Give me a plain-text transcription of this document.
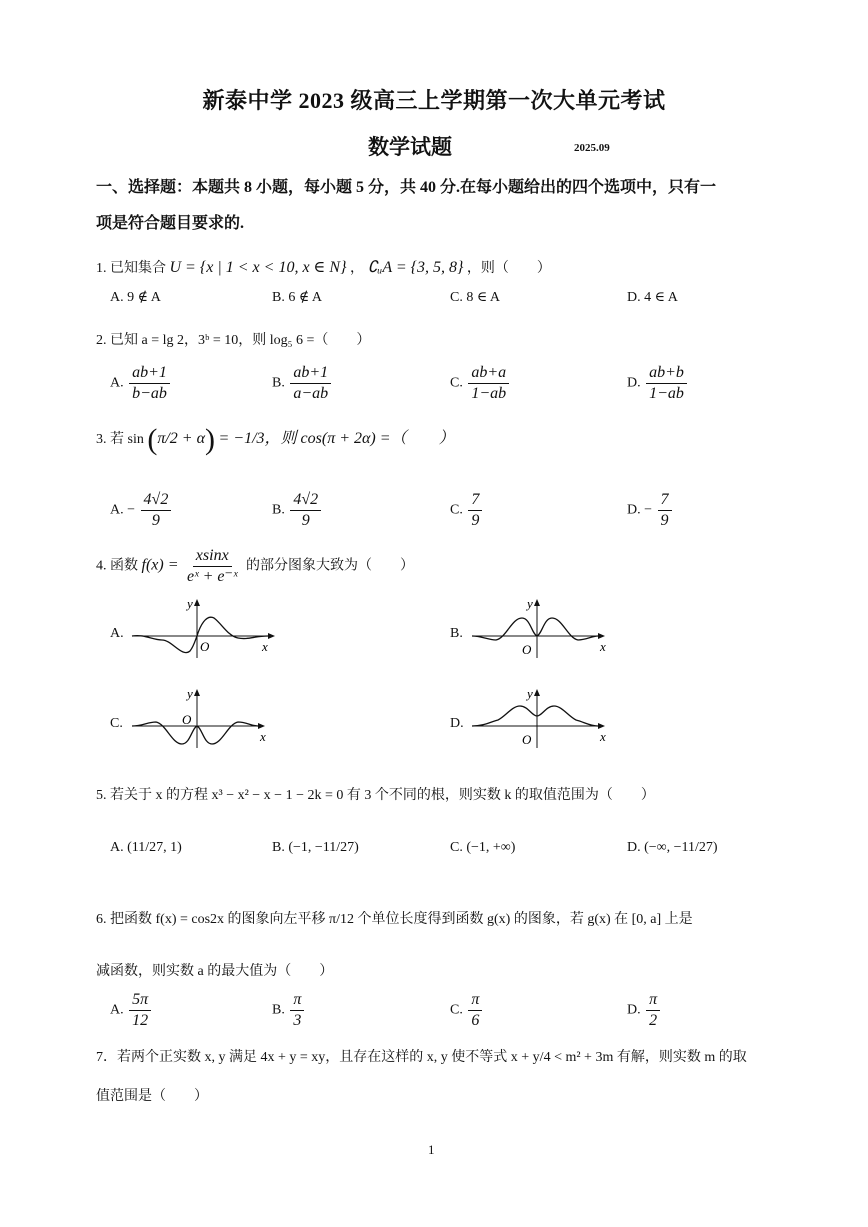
新泰中学 2023 级高三上学期第一次大单元考试
数学试题	2025.09
一、选择题：本题共 8 小题，每小题 5 分，共 40 分.在每小题给出的四个选项中，只有一
项是符合题目要求的.
1. 已知集合 U = {x | 1 < x < 10, x ∈ N} ， ∁ᵤA = {3, 5, 8} ，则（　　）
A. 9 ∉ A	B. 6 ∉ A	C. 8 ∈ A	D. 4 ∈ A
2. 已知 a = lg 2，3ᵇ = 10，则 log₅ 6 =（　　）
A. $\frac{ab+1}{b-ab}$	B. $\frac{ab+1}{a-ab}$	C. $\frac{ab+a}{1-ab}$	D. $\frac{ab+b}{1-ab}$
3. 若 sin (π/2 + α) = −1/3，则 cos(π + 2α) =（　　）
A. − $\frac{4√2}{9}$	B. $\frac{4√2}{9}$	C. $\frac{7}{9}$	D. − $\frac{7}{9}$
4. 函数 $f(x) = \frac{xsinx}{\text{eˣ + e⁻ˣ}}$ 的部分图象大致为（　　）
A.	B.
C.	D.
y
O	x
y
O	x
y
O
x
y
O	x
5. 若关于 x 的方程 x³ − x² − x − 1 − 2k = 0 有 3 个不同的根，则实数 k 的取值范围为（　　）
A. (11/27, 1)	B. (−1, −11/27)	C. (−1, +∞)	D. (−∞, −11/27)
6. 把函数 f(x) = cos2x 的图象向左平移 π/12 个单位长度得到函数 g(x) 的图象，若 g(x) 在 [0, a] 上是
减函数，则实数 a 的最大值为（　　）
A. $\frac{5\pi}{12}$	B. $\frac{\pi}{3}$	C. $\frac{\pi}{6}$	D. $\frac{\pi}{2}$
7．若两个正实数 x, y 满足 4x + y = xy，且存在这样的 x, y 使不等式 x + y/4 < m² + 3m 有解，则实数 m 的取
值范围是（　　）
1
